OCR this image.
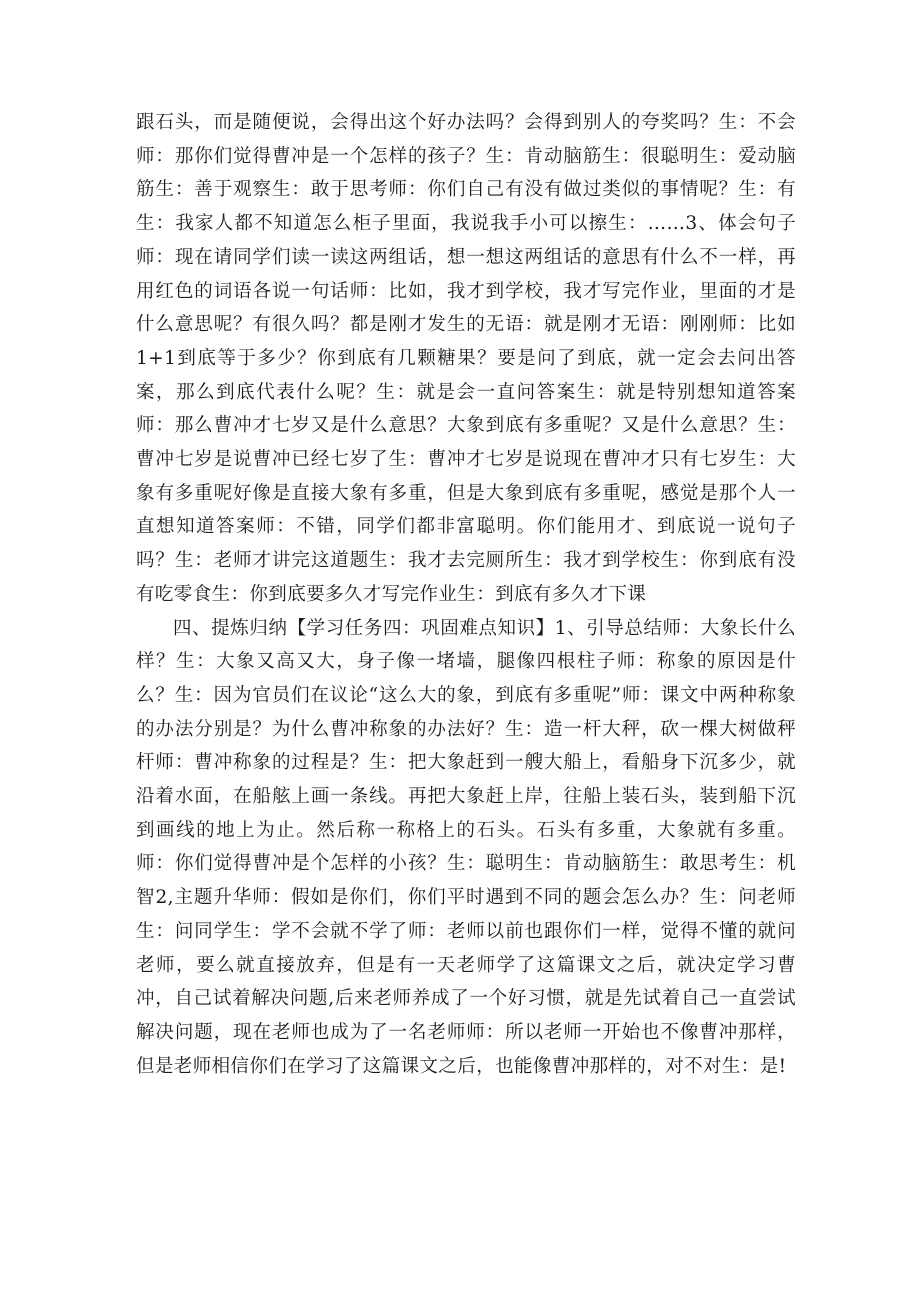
跟石头，而是随便说，会得出这个好办法吗？会得到别人的夸奖吗？生：不会师：那你们觉得曹冲是一个怎样的孩子？生：肯动脑筋生：很聪明生：爱动脑筋生：善于观察生：敢于思考师：你们自己有没有做过类似的事情呢？生：有生：我家人都不知道怎么柜子里面，我说我手小可以擦生：……3、体会句子师：现在请同学们读一读这两组话，想一想这两组话的意思有什么不一样，再用红色的词语各说一句话师：比如，我才到学校，我才写完作业，里面的才是什么意思呢？有很久吗？都是刚才发生的无语：就是刚才无语：刚刚师：比如1+1到底等于多少？你到底有几颗糖果？要是问了到底，就一定会去问出答案，那么到底代表什么呢？生：就是会一直问答案生：就是特别想知道答案师：那么曹冲才七岁又是什么意思？大象到底有多重呢？又是什么意思？生：曹冲七岁是说曹冲已经七岁了生：曹冲才七岁是说现在曹冲才只有七岁生：大象有多重呢好像是直接大象有多重，但是大象到底有多重呢，感觉是那个人一直想知道答案师：不错，同学们都非富聪明。你们能用才、到底说一说句子吗？生：老师才讲完这道题生：我才去完厕所生：我才到学校生：你到底有没有吃零食生：你到底要多久才写完作业生：到底有多久才下课

四、提炼归纳【学习任务四：巩固难点知识】1、引导总结师：大象长什么样？生：大象又高又大，身子像一堵墙，腿像四根柱子师：称象的原因是什么？生：因为官员们在议论“这么大的象，到底有多重呢”师：课文中两种称象的办法分别是？为什么曹冲称象的办法好？生：造一杆大秤，砍一棵大树做秤杆师：曹冲称象的过程是？生：把大象赶到一艘大船上，看船身下沉多少，就沿着水面，在船舷上画一条线。再把大象赶上岸，往船上装石头，装到船下沉到画线的地上为止。然后称一称格上的石头。石头有多重，大象就有多重。师：你们觉得曹冲是个怎样的小孩？生：聪明生：肯动脑筋生：敢思考生：机智2,主题升华师：假如是你们，你们平时遇到不同的题会怎么办？生：问老师生：问同学生：学不会就不学了师：老师以前也跟你们一样，觉得不懂的就问老师，要么就直接放弃，但是有一天老师学了这篇课文之后，就决定学习曹冲，自己试着解决问题,后来老师养成了一个好习惯，就是先试着自己一直尝试解决问题，现在老师也成为了一名老师师：所以老师一开始也不像曹冲那样，但是老师相信你们在学习了这篇课文之后，也能像曹冲那样的，对不对生：是!
